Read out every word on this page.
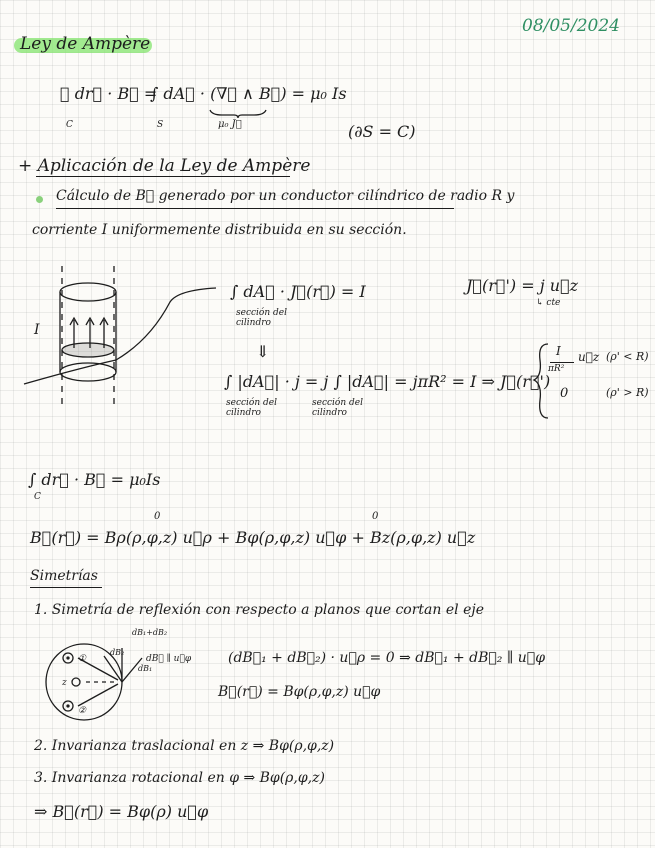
08/05/2024
Ley de Ampère
∮ dr⃗ · B⃗ =
C
∫ dA⃗ · (∇⃗ ∧ B⃗) = μ₀ Is
S	μ₀ J⃗	(∂S = C)
+ Aplicación de la Ley de Ampère
Cálculo de B⃗ generado por un conductor cilíndrico de radio R y
corriente I uniformemente distribuida en su sección.
I
∫ dA⃗ · J⃗(r⃗) = I
sección del cilindro
J⃗(r⃗') = j u⃗z
↳ cte
⇓
∫ |dA⃗| · j = j ∫ |dA⃗| = jπR² = I ⇒ J⃗(r⃗')
sección del cilindro
sección del cilindro
I
πR²
u⃗z (ρ' < R)
0	(ρ' > R)
∫ dr⃗ · B⃗ = μ₀Is
C
0	0
B⃗(r⃗) = Bρ(ρ,φ,z) u⃗ρ + Bφ(ρ,φ,z) u⃗φ + Bz(ρ,φ,z) u⃗z
Simetrías
1. Simetría de reflexión con respecto a planos que cortan el eje
dB₁+dB₂
dB₂
dB₁
dB⃗ ∥ u⃗φ
①
②
z
(dB⃗₁ + dB⃗₂) · u⃗ρ = 0 ⇒ dB⃗₁ + dB⃗₂ ∥ u⃗φ
B⃗(r⃗) = Bφ(ρ,φ,z) u⃗φ
2. Invarianza traslacional en z ⇒ Bφ(ρ,φ,z)
3. Invarianza rotacional en φ ⇒ Bφ(ρ,φ,z)
⇒ B⃗(r⃗) = Bφ(ρ) u⃗φ
